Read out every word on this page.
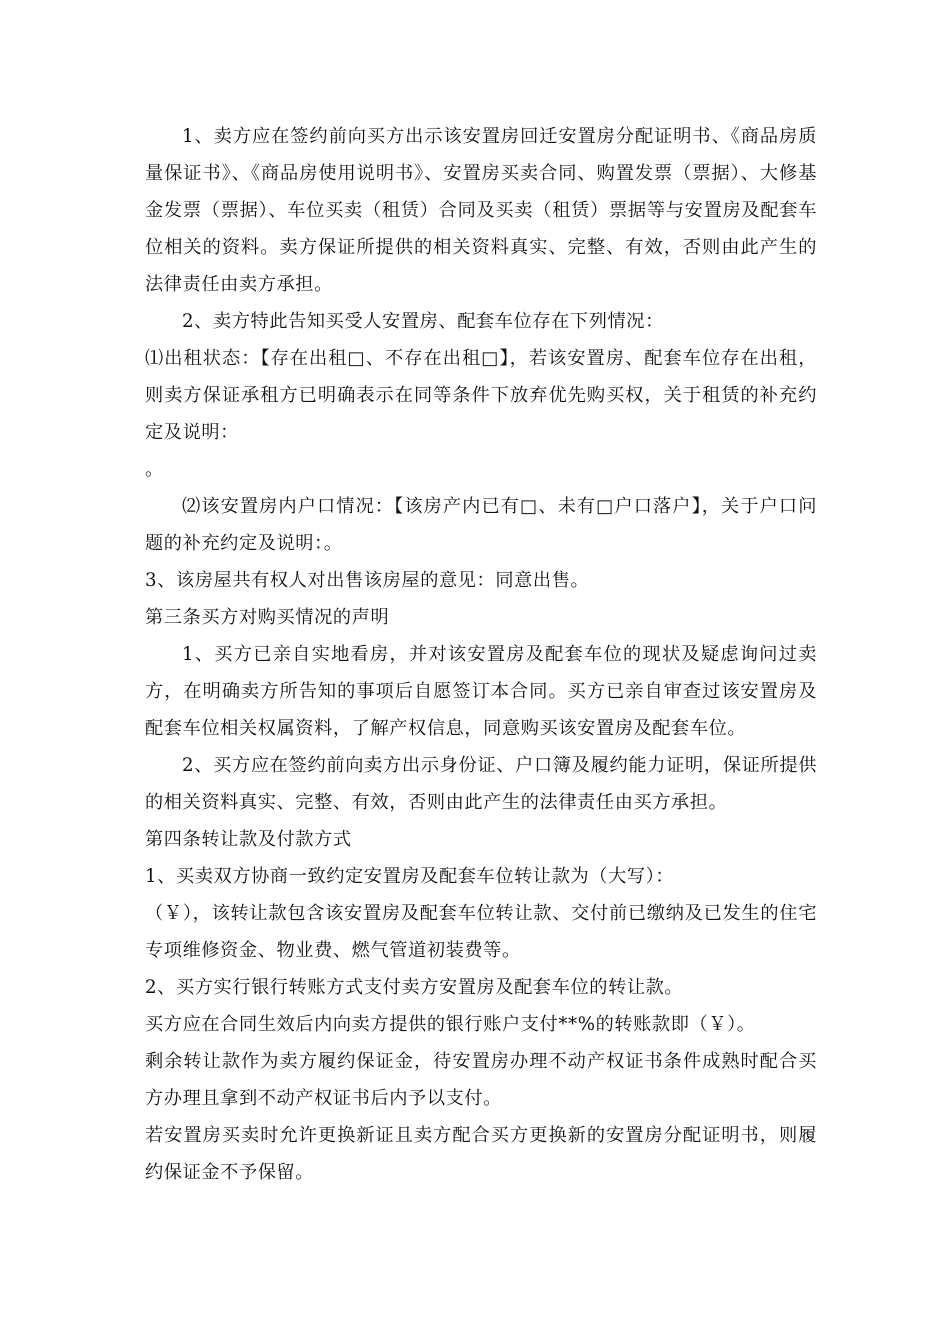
1、卖方应在签约前向买方出示该安置房回迁安置房分配证明书、《商品房质量保证书》、《商品房使用说明书》、安置房买卖合同、购置发票（票据）、大修基金发票（票据）、车位买卖（租赁）合同及买卖（租赁）票据等与安置房及配套车位相关的资料。卖方保证所提供的相关资料真实、完整、有效，否则由此产生的法律责任由卖方承担。

2、卖方特此告知买受人安置房、配套车位存在下列情况：

⑴出租状态：【存在出租□、不存在出租□】，若该安置房、配套车位存在出租，则卖方保证承租方已明确表示在同等条件下放弃优先购买权，关于租赁的补充约定及说明：

。

⑵该安置房内户口情况：【该房产内已有□、未有□户口落户】，关于户口问题的补充约定及说明：。

3、该房屋共有权人对出售该房屋的意见：同意出售。

第三条买方对购买情况的声明

1、买方已亲自实地看房，并对该安置房及配套车位的现状及疑虑询问过卖方，在明确卖方所告知的事项后自愿签订本合同。买方已亲自审查过该安置房及配套车位相关权属资料，了解产权信息，同意购买该安置房及配套车位。

2、买方应在签约前向卖方出示身份证、户口簿及履约能力证明，保证所提供的相关资料真实、完整、有效，否则由此产生的法律责任由买方承担。

第四条转让款及付款方式

1、买卖双方协商一致约定安置房及配套车位转让款为（大写）：

（￥），该转让款包含该安置房及配套车位转让款、交付前已缴纳及已发生的住宅专项维修资金、物业费、燃气管道初装费等。

2、买方实行银行转账方式支付卖方安置房及配套车位的转让款。

买方应在合同生效后内向卖方提供的银行账户支付**%的转账款即（￥）。

剩余转让款作为卖方履约保证金，待安置房办理不动产权证书条件成熟时配合买方办理且拿到不动产权证书后内予以支付。

若安置房买卖时允许更换新证且卖方配合买方更换新的安置房分配证明书，则履约保证金不予保留。
